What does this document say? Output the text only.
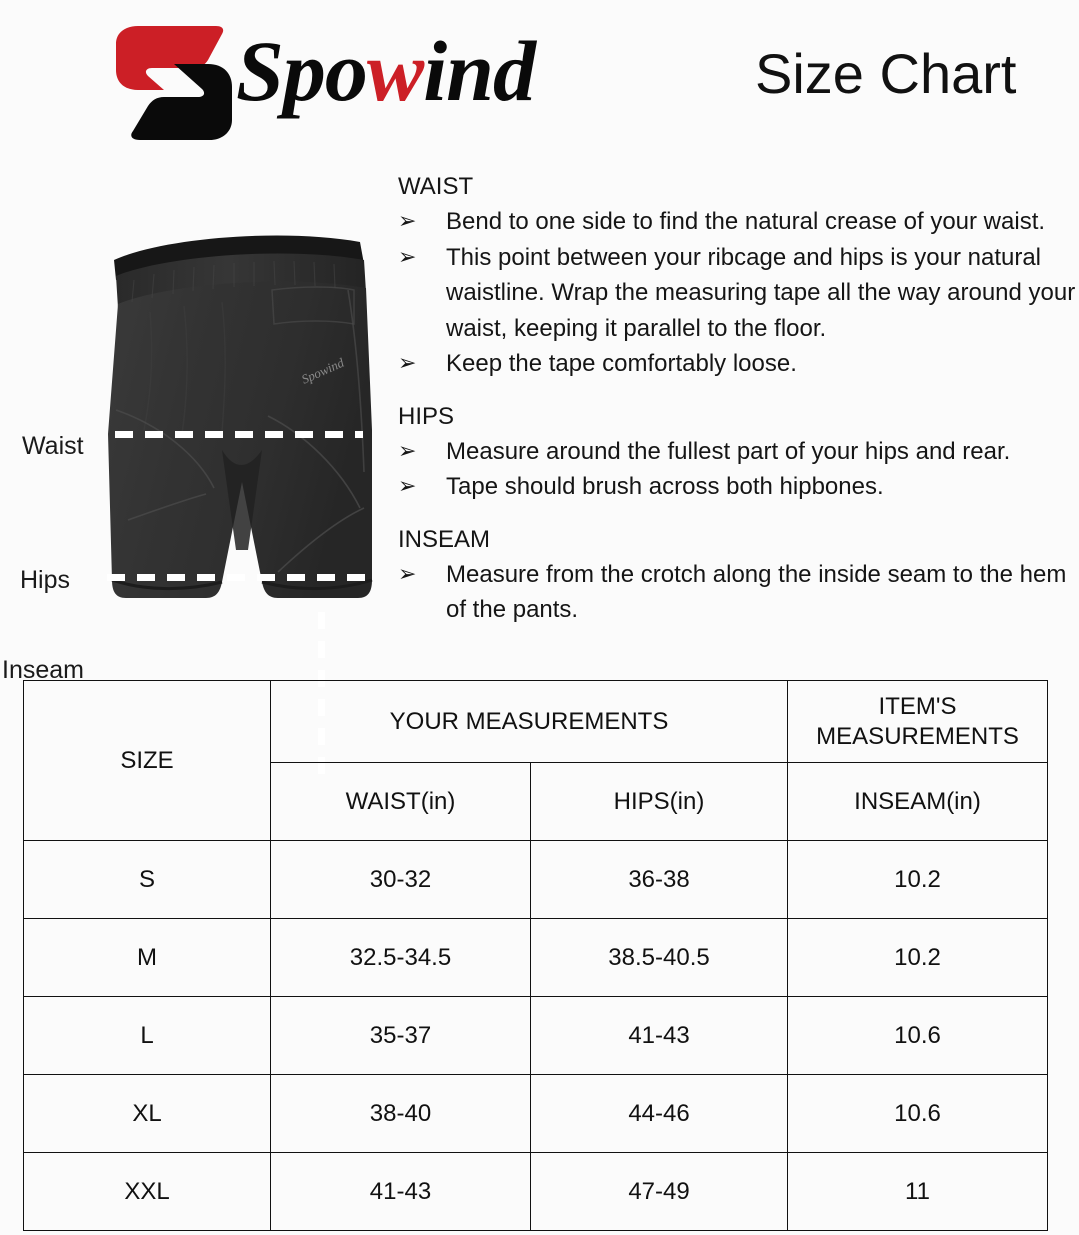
Spowind	Size Chart
Spowind
Waist
Hips
Inseam

WAIST

➢	Bend to one side to find the natural crease of your waist.
➢	This point between your ribcage and hips is your natural waistline. Wrap the measuring tape all the way around your waist, keeping it parallel to the floor.
➢	Keep the tape comfortably loose.

HIPS

➢	Measure around the fullest part of your hips and rear.
➢	Tape should brush across both hipbones.

INSEAM

➢	Measure from the crotch along the inside seam to the hem of the pants.
SIZE	YOUR MEASUREMENTS		ITEM'S
MEASUREMENTS

	WAIST(in)	HIPS(in)	INSEAM(in)
S	30-32	36-38	10.2
M	32.5-34.5	38.5-40.5	10.2
L	35-37	41-43	10.6
XL	38-40	44-46	10.6
XXL	41-43	47-49	11
